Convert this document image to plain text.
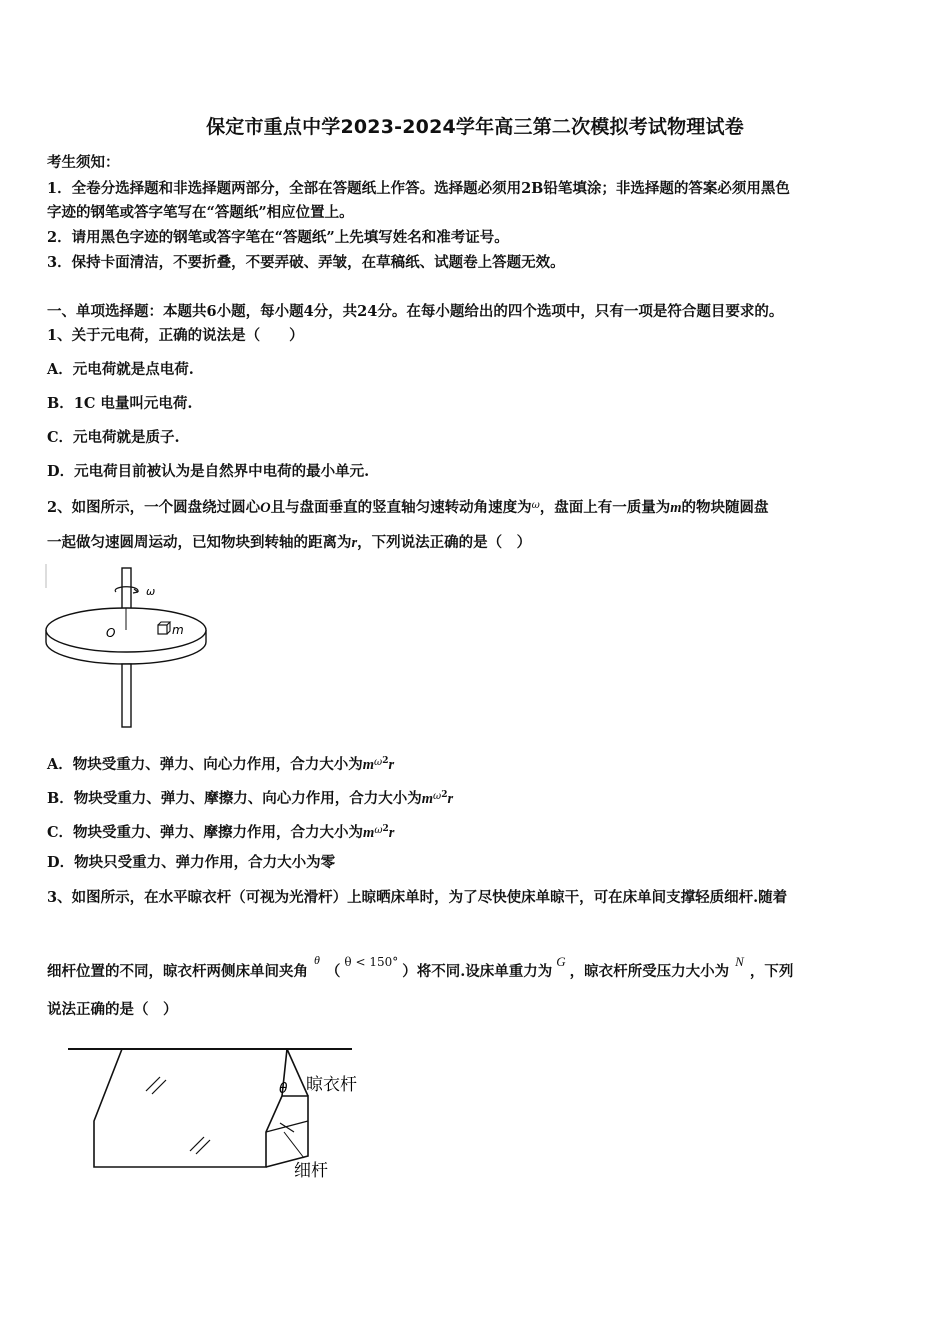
保定市重点中学2023-2024学年高三第二次模拟考试物理试卷
考生须知：
1．全卷分选择题和非选择题两部分，全部在答题纸上作答。选择题必须用2B铅笔填涂；非选择题的答案必须用黑色
字迹的钢笔或答字笔写在“答题纸”相应位置上。
2．请用黑色字迹的钢笔或答字笔在“答题纸”上先填写姓名和准考证号。
3．保持卡面清洁，不要折叠，不要弄破、弄皱，在草稿纸、试题卷上答题无效。
一、单项选择题：本题共6小题，每小题4分，共24分。在每小题给出的四个选项中，只有一项是符合题目要求的。
1、关于元电荷，正确的说法是（　　）
A．元电荷就是点电荷.
B．1C 电量叫元电荷.
C．元电荷就是质子.
D．元电荷目前被认为是自然界中电荷的最小单元.
2、如图所示，一个圆盘绕过圆心O且与盘面垂直的竖直轴匀速转动角速度为$^\omega$，盘面上有一质量为m的物块随圆盘
一起做匀速圆周运动，已知物块到转轴的距离为r，下列说法正确的是（　）
ω
O	m
A．物块受重力、弹力、向心力作用，合力大小为$m^{\omega 2}r$
B．物块受重力、弹力、摩擦力、向心力作用，合力大小为$m^{\omega 2}r$
C．物块受重力、弹力、摩擦力作用，合力大小为$m^{\omega 2}r$
D．物块只受重力、弹力作用，合力大小为零
3、如图所示，在水平晾衣杆（可视为光滑杆）上晾晒床单时，为了尽快使床单晾干，可在床单间支撑轻质细杆.随着
细杆位置的不同，晾衣杆两侧床单间夹角$^\theta$（$^{\theta < 150^\circ}$）将不同.设床单重力为G，晾衣杆所受压力大小为N，下列
说法正确的是（　）
θ 晾衣杆
细杆
